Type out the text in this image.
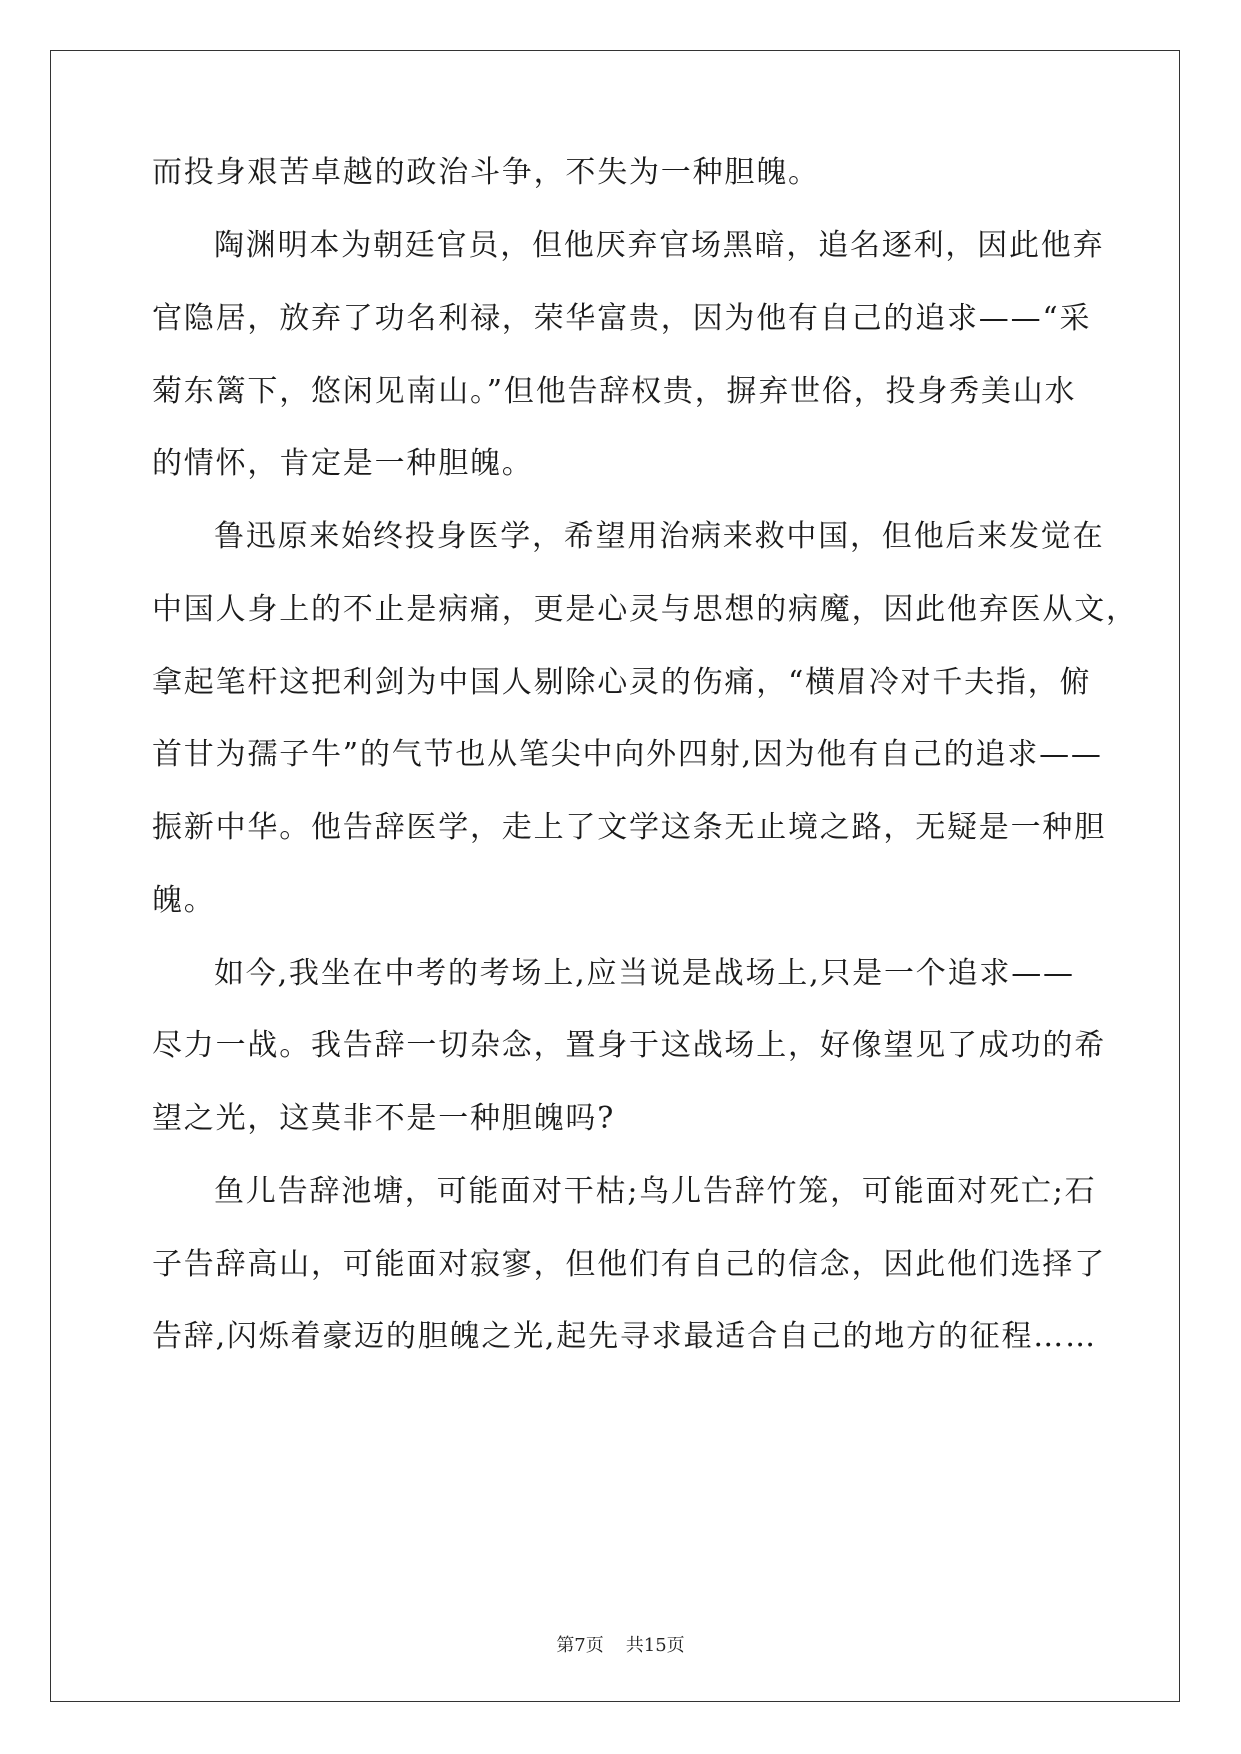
而投身艰苦卓越的政治斗争，不失为一种胆魄。
陶渊明本为朝廷官员，但他厌弃官场黑暗，追名逐利，因此他弃
官隐居，放弃了功名利禄，荣华富贵，因为他有自己的追求——“采
菊东篱下，悠闲见南山。”但他告辞权贵，摒弃世俗，投身秀美山水
的情怀，肯定是一种胆魄。
鲁迅原来始终投身医学，希望用治病来救中国，但他后来发觉在
中国人身上的不止是病痛，更是心灵与思想的病魔，因此他弃医从文，
拿起笔杆这把利剑为中国人剔除心灵的伤痛，“横眉冷对千夫指，俯
首甘为孺子牛”的气节也从笔尖中向外四射,因为他有自己的追求——
振新中华。他告辞医学，走上了文学这条无止境之路，无疑是一种胆
魄。
如今,我坐在中考的考场上,应当说是战场上,只是一个追求——
尽力一战。我告辞一切杂念，置身于这战场上，好像望见了成功的希
望之光，这莫非不是一种胆魄吗?
鱼儿告辞池塘，可能面对干枯;鸟儿告辞竹笼，可能面对死亡;石
子告辞高山，可能面对寂寥，但他们有自己的信念，因此他们选择了
告辞,闪烁着豪迈的胆魄之光,起先寻求最适合自己的地方的征程……
第7页 共15页
